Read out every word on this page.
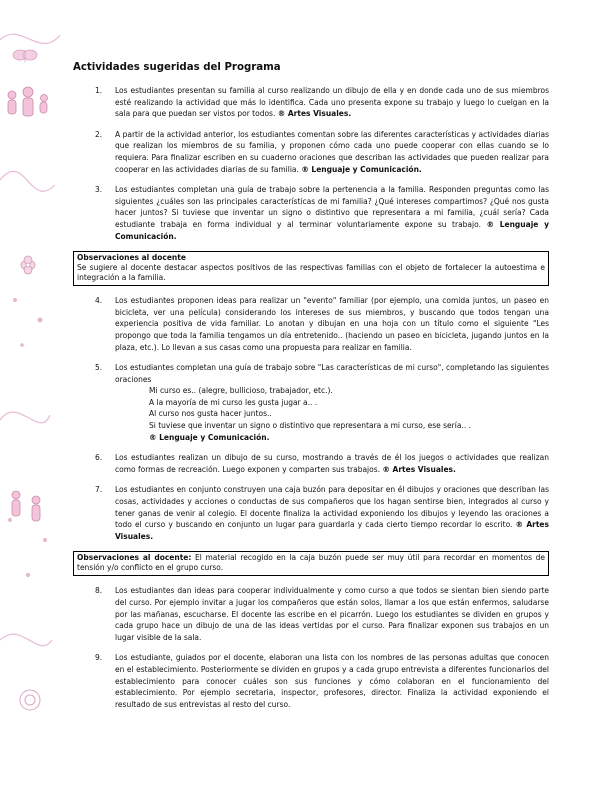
Actividades sugeridas del Programa
1. Los estudiantes presentan su familia al curso realizando un dibujo de ella y en donde cada uno de sus miembros esté realizando la actividad que más lo identifica. Cada uno presenta expone su trabajo y luego lo cuelgan en la sala para que puedan ser vistos por todos. ® Artes Visuales.
2. A partir de la actividad anterior, los estudiantes comentan sobre las diferentes características y actividades diarias que realizan los miembros de su familia, y proponen cómo cada uno puede cooperar con ellas cuando se lo requiera. Para finalizar escriben en su cuaderno oraciones que describan las actividades que pueden realizar para cooperar en las actividades diarias de su familia. ® Lenguaje y Comunicación.
3. Los estudiantes completan una guía de trabajo sobre la pertenencia a la familia. Responden preguntas como las siguientes ¿cuáles son las principales características de mi familia? ¿Qué intereses compartimos? ¿Qué nos gusta hacer juntos? Si tuviese que inventar un signo o distintivo que representara a mi familia, ¿cuál sería? Cada estudiante trabaja en forma individual y al terminar voluntariamente expone su trabajo. ® Lenguaje y Comunicación.
Observaciones al docente
Se sugiere al docente destacar aspectos positivos de las respectivas familias con el objeto de fortalecer la autoestima e integración a la familia.
4. Los estudiantes proponen ideas para realizar un "evento" familiar (por ejemplo, una comida juntos, un paseo en bicicleta, ver una película) considerando los intereses de sus miembros, y buscando que todos tengan una experiencia positiva de vida familiar. Lo anotan y dibujan en una hoja con un título como el siguiente "Les propongo que toda la familia tengamos un día entretenido.. (haciendo un paseo en bicicleta, jugando juntos en la plaza, etc.). Lo llevan a sus casas como una propuesta para realizar en familia.
5. Los estudiantes completan una guía de trabajo sobre "Las características de mi curso", completando las siguientes oraciones
Mi curso es.. (alegre, bullicioso, trabajador, etc.).
A la mayoría de mi curso les gusta jugar a.. .
Al curso nos gusta hacer juntos..
Si tuviese que inventar un signo o distintivo que representara a mi curso, ese sería.. .
® Lenguaje y Comunicación.
6. Los estudiantes realizan un dibujo de su curso, mostrando a través de él los juegos o actividades que realizan como formas de recreación. Luego exponen y comparten sus trabajos. ® Artes Visuales.
7. Los estudiantes en conjunto construyen una caja buzón para depositar en él dibujos y oraciones que describan las cosas, actividades y acciones o conductas de sus compañeros que los hagan sentirse bien, integrados al curso y tener ganas de venir al colegio. El docente finaliza la actividad exponiendo los dibujos y leyendo las oraciones a todo el curso y buscando en conjunto un lugar para guardarla y cada cierto tiempo recordar lo escrito. ® Artes Visuales.
Observaciones al docente: El material recogido en la caja buzón puede ser muy útil para recordar en momentos de tensión y/o conflicto en el grupo curso.
8. Los estudiantes dan ideas para cooperar individualmente y como curso a que todos se sientan bien siendo parte del curso. Por ejemplo invitar a jugar los compañeros que están solos, llamar a los que están enfermos, saludarse por las mañanas, escucharse. El docente las escribe en el picarrón. Luego los estudiantes se dividen en grupos y cada grupo hace un dibujo de una de las ideas vertidas por el curso. Para finalizar exponen sus trabajos en un lugar visible de la sala.
9. Los estudiante, guiados por el docente, elaboran una lista con los nombres de las personas adultas que conocen en el establecimiento. Posteriormente se dividen en grupos y a cada grupo entrevista a diferentes funcionarios del establecimiento para conocer cuáles son sus funciones y cómo colaboran en el funcionamiento del establecimiento. Por ejemplo secretaria, inspector, profesores, director. Finaliza la actividad exponiendo el resultado de sus entrevistas al resto del curso.
